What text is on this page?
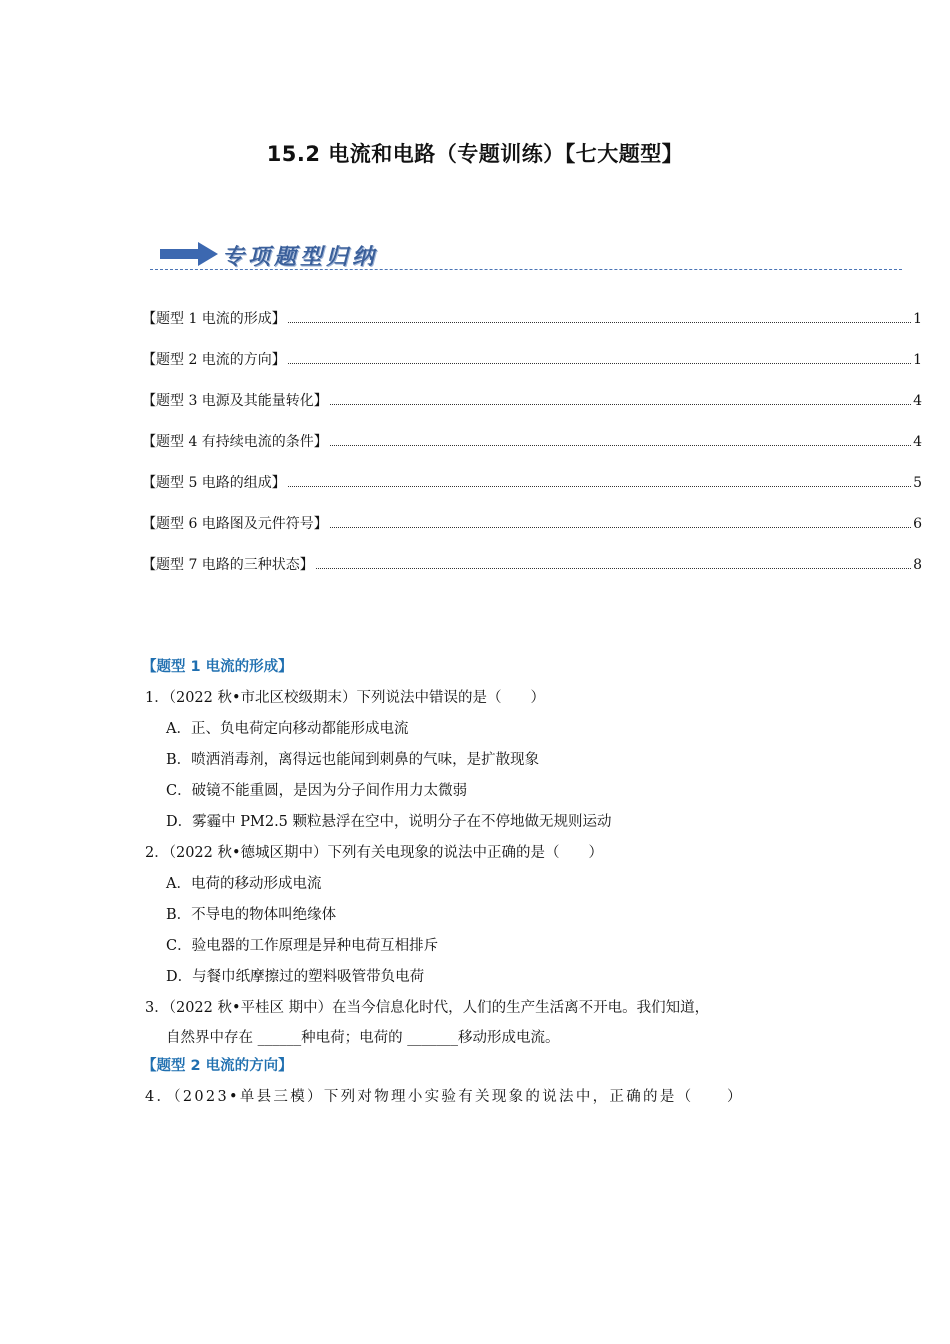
15.2 电流和电路（专题训练）【七大题型】
专项题型归纳
【题型 1 电流的形成】	1
【题型 2 电流的方向】	1
【题型 3 电源及其能量转化】	4
【题型 4 有持续电流的条件】	4
【题型 5 电路的组成】	5
【题型 6 电路图及元件符号】	6
【题型 7 电路的三种状态】	8
【题型 1 电流的形成】
1．（2022 秋•市北区校级期末）下列说法中错误的是（　　）
A．正、负电荷定向移动都能形成电流
B．喷洒消毒剂，离得远也能闻到刺鼻的气味，是扩散现象
C．破镜不能重圆，是因为分子间作用力太微弱
D．雾霾中 PM2.5 颗粒悬浮在空中，说明分子在不停地做无规则运动
2．（2022 秋•德城区期中）下列有关电现象的说法中正确的是（　　）
A．电荷的移动形成电流
B．不导电的物体叫绝缘体
C．验电器的工作原理是异种电荷互相排斥
D．与餐巾纸摩擦过的塑料吸管带负电荷
3．（2022 秋•平桂区 期中）在当今信息化时代，人们的生产生活离不开电。我们知道，
自然界中存在 ______种电荷；电荷的 _______移动形成电流。
【题型 2 电流的方向】
4．（2023•单县三模）下列对物理小实验有关现象的说法中，正确的是（　　）
